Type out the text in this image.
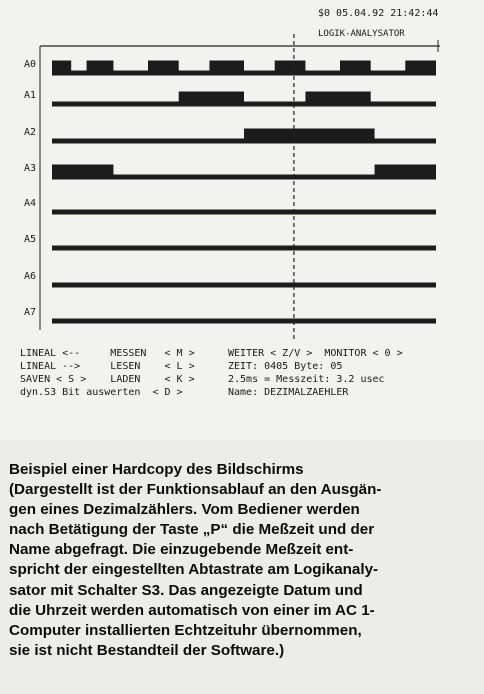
$0 05.04.92 21:42:44
LOGIK-ANALYSATOR
A0
A1
A2
A3
A4
A5
A6
A7
LINEAL <--     MESSEN   < M >
LINEAL -->     LESEN    < L >
SAVEN < S >    LADEN    < K >
dyn.S3 Bit auswerten  < D >
WEITER < Z/V >  MONITOR < 0 >
ZEIT: 0405 Byte: 05
2.5ms = Messzeit: 3.2 usec
Name: DEZIMALZAEHLER
Beispiel einer Hardcopy des Bildschirms
(Dargestellt ist der Funktionsablauf an den Ausgän-
gen eines Dezimalzählers. Vom Bediener werden
nach Betätigung der Taste „P“ die Meßzeit und der
Name abgefragt. Die einzugebende Meßzeit ent-
spricht der eingestellten Abtastrate am Logikanaly-
sator mit Schalter S3. Das angezeigte Datum und
die Uhrzeit werden automatisch von einer im AC 1-
Computer installierten Echtzeituhr übernommen,
sie ist nicht Bestandteil der Software.)
